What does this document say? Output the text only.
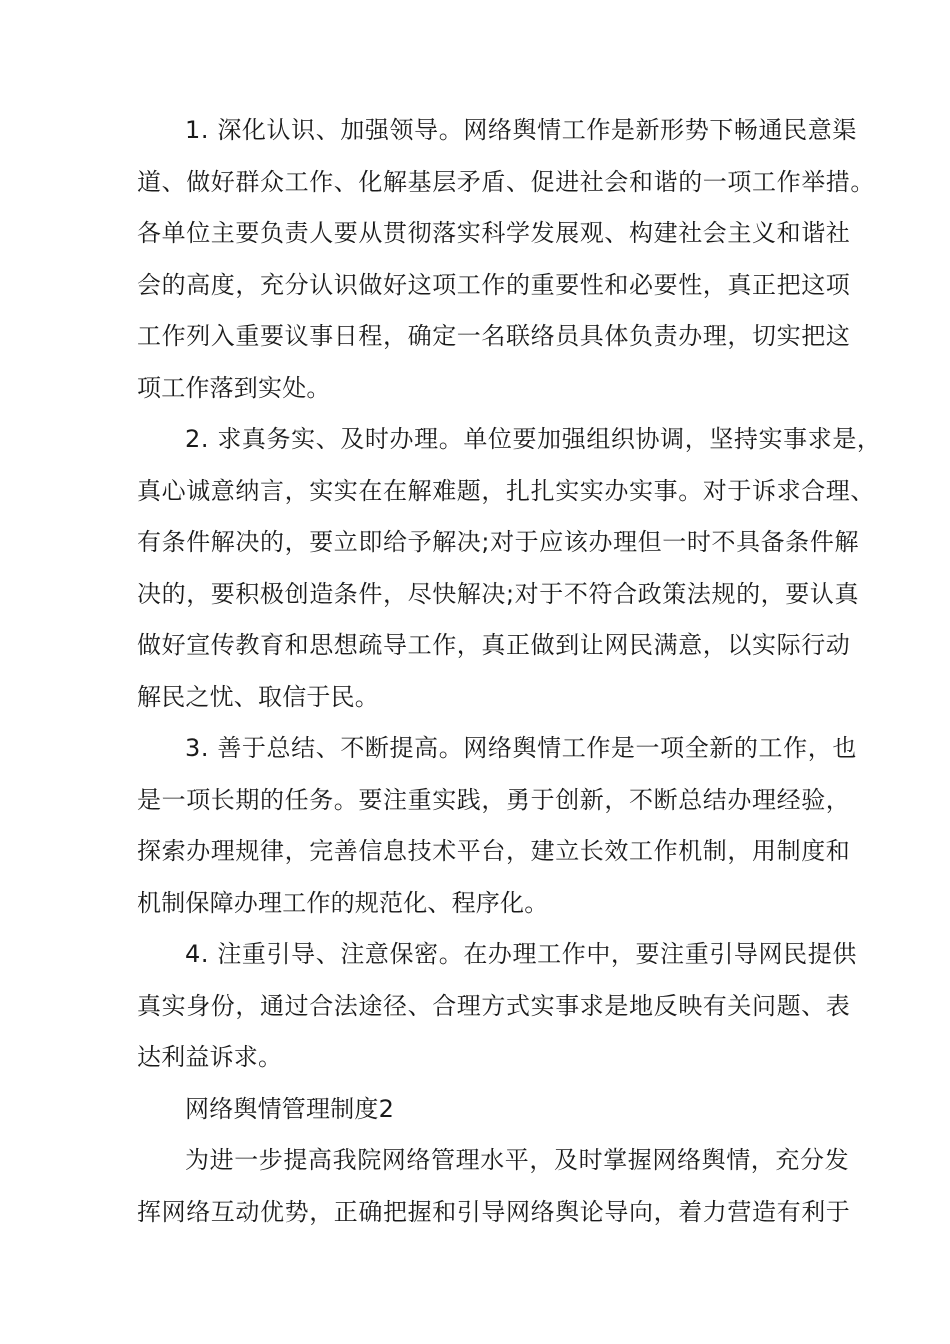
1. 深化认识、加强领导。网络舆情工作是新形势下畅通民意渠

道、做好群众工作、化解基层矛盾、促进社会和谐的一项工作举措。

各单位主要负责人要从贯彻落实科学发展观、构建社会主义和谐社

会的高度，充分认识做好这项工作的重要性和必要性，真正把这项

工作列入重要议事日程，确定一名联络员具体负责办理，切实把这

项工作落到实处。

2. 求真务实、及时办理。单位要加强组织协调，坚持实事求是，

真心诚意纳言，实实在在解难题，扎扎实实办实事。对于诉求合理、

有条件解决的，要立即给予解决;对于应该办理但一时不具备条件解

决的，要积极创造条件，尽快解决;对于不符合政策法规的，要认真

做好宣传教育和思想疏导工作，真正做到让网民满意，以实际行动

解民之忧、取信于民。

3. 善于总结、不断提高。网络舆情工作是一项全新的工作，也

是一项长期的任务。要注重实践，勇于创新，不断总结办理经验，

探索办理规律，完善信息技术平台，建立长效工作机制，用制度和

机制保障办理工作的规范化、程序化。

4. 注重引导、注意保密。在办理工作中，要注重引导网民提供

真实身份，通过合法途径、合理方式实事求是地反映有关问题、表

达利益诉求。

网络舆情管理制度2

为进一步提高我院网络管理水平，及时掌握网络舆情，充分发

挥网络互动优势，正确把握和引导网络舆论导向，着力营造有利于
